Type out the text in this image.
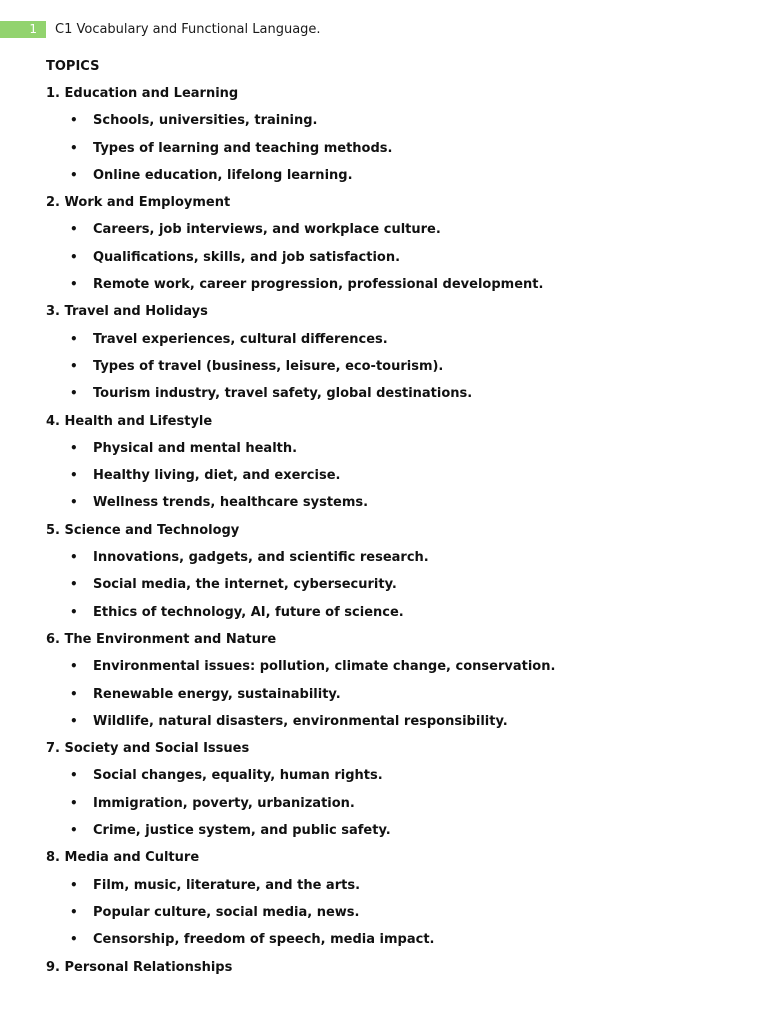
1	C1 Vocabulary and Functional Language.
TOPICS
1. Education and Learning
• Schools, universities, training.
• Types of learning and teaching methods.
• Online education, lifelong learning.
2. Work and Employment
• Careers, job interviews, and workplace culture.
• Qualifications, skills, and job satisfaction.
• Remote work, career progression, professional development.
3. Travel and Holidays
• Travel experiences, cultural differences.
• Types of travel (business, leisure, eco-tourism).
• Tourism industry, travel safety, global destinations.
4. Health and Lifestyle
• Physical and mental health.
• Healthy living, diet, and exercise.
• Wellness trends, healthcare systems.
5. Science and Technology
• Innovations, gadgets, and scientific research.
• Social media, the internet, cybersecurity.
• Ethics of technology, AI, future of science.
6. The Environment and Nature
• Environmental issues: pollution, climate change, conservation.
• Renewable energy, sustainability.
• Wildlife, natural disasters, environmental responsibility.
7. Society and Social Issues
• Social changes, equality, human rights.
• Immigration, poverty, urbanization.
• Crime, justice system, and public safety.
8. Media and Culture
• Film, music, literature, and the arts.
• Popular culture, social media, news.
• Censorship, freedom of speech, media impact.
9. Personal Relationships
